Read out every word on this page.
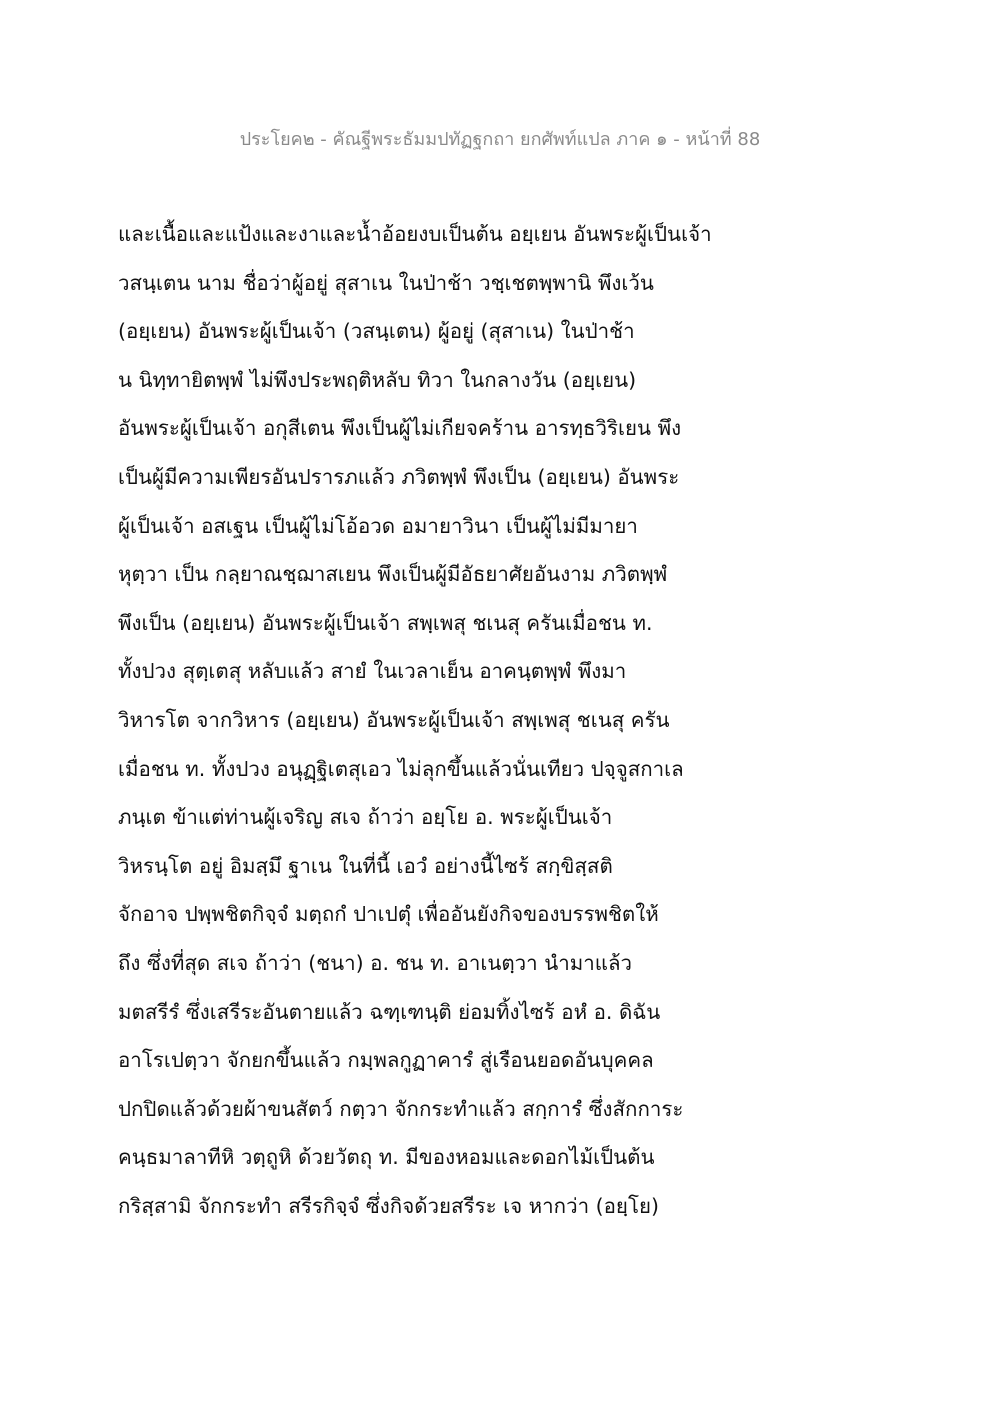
ประโยค๒ - คัณฐีพระธัมมปทัฏฐกถา ยกศัพท์แปล ภาค ๑ - หน้าที่ 88
และเนื้อและแป้งและงาและน้ำอ้อยงบเป็นต้น อยฺเยน อันพระผู้เป็นเจ้า
วสนฺเตน นาม ชื่อว่าผู้อยู่ สุสาเน ในป่าช้า วชฺเชตพฺพานิ พึงเว้น
(อยฺเยน) อันพระผู้เป็นเจ้า (วสนฺเตน) ผู้อยู่ (สุสาเน) ในป่าช้า
น นิทฺทายิตพฺพํ ไม่พึงประพฤติหลับ ทิวา ในกลางวัน (อยฺเยน)
อันพระผู้เป็นเจ้า อกุสีเตน พึงเป็นผู้ไม่เกียจคร้าน อารทฺธวิริเยน พึง
เป็นผู้มีความเพียรอันปรารภแล้ว ภวิตพฺพํ พึงเป็น (อยฺเยน) อันพระ
ผู้เป็นเจ้า อสเฐน เป็นผู้ไม่โอ้อวด อมายาวินา เป็นผู้ไม่มีมายา
หุตฺวา เป็น กลฺยาณชฺฌาสเยน พึงเป็นผู้มีอัธยาศัยอันงาม ภวิตพฺพํ
พึงเป็น (อยฺเยน) อันพระผู้เป็นเจ้า สพฺเพสุ ชเนสุ ครันเมื่อชน ท.
ทั้งปวง สุตฺเตสุ หลับแล้ว สายํ ในเวลาเย็น อาคนฺตพฺพํ พึงมา
วิหารโต จากวิหาร (อยฺเยน) อันพระผู้เป็นเจ้า สพฺเพสุ ชเนสุ ครัน
เมื่อชน ท. ทั้งปวง อนุฏฺฐิเตสุเอว ไม่ลุกขึ้นแล้วนั่นเทียว ปจฺจูสกาเล
ภนฺเต ข้าแต่ท่านผู้เจริญ สเจ ถ้าว่า อยฺโย อ. พระผู้เป็นเจ้า
วิหรนฺโต อยู่ อิมสฺมึ ฐาเน ในที่นี้ เอวํ อย่างนี้ไซร้ สกฺขิสฺสติ
จักอาจ ปพฺพชิตกิจฺจํ มตฺถกํ ปาเปตุํ เพื่ออันยังกิจของบรรพชิตให้
ถึง ซึ่งที่สุด สเจ ถ้าว่า (ชนา) อ. ชน ท. อาเนตฺวา นำมาแล้ว
มตสรีรํ ซึ่งเสรีระอันตายแล้ว ฉฑฺเฑนฺติ ย่อมทิ้งไซร้ อหํ อ. ดิฉัน
อาโรเปตฺวา จักยกขึ้นแล้ว กมฺพลกูฏาคารํ สู่เรือนยอดอันบุคคล
ปกปิดแล้วด้วยผ้าขนสัตว์ กตฺวา จักกระทำแล้ว สกฺการํ ซึ่งสักการะ
คนฺธมาลาทีหิ วตฺถูหิ ด้วยวัตถุ ท. มีของหอมและดอกไม้เป็นต้น
กริสฺสามิ จักกระทำ สรีรกิจฺจํ ซึ่งกิจด้วยสรีระ เจ หากว่า (อยฺโย)
